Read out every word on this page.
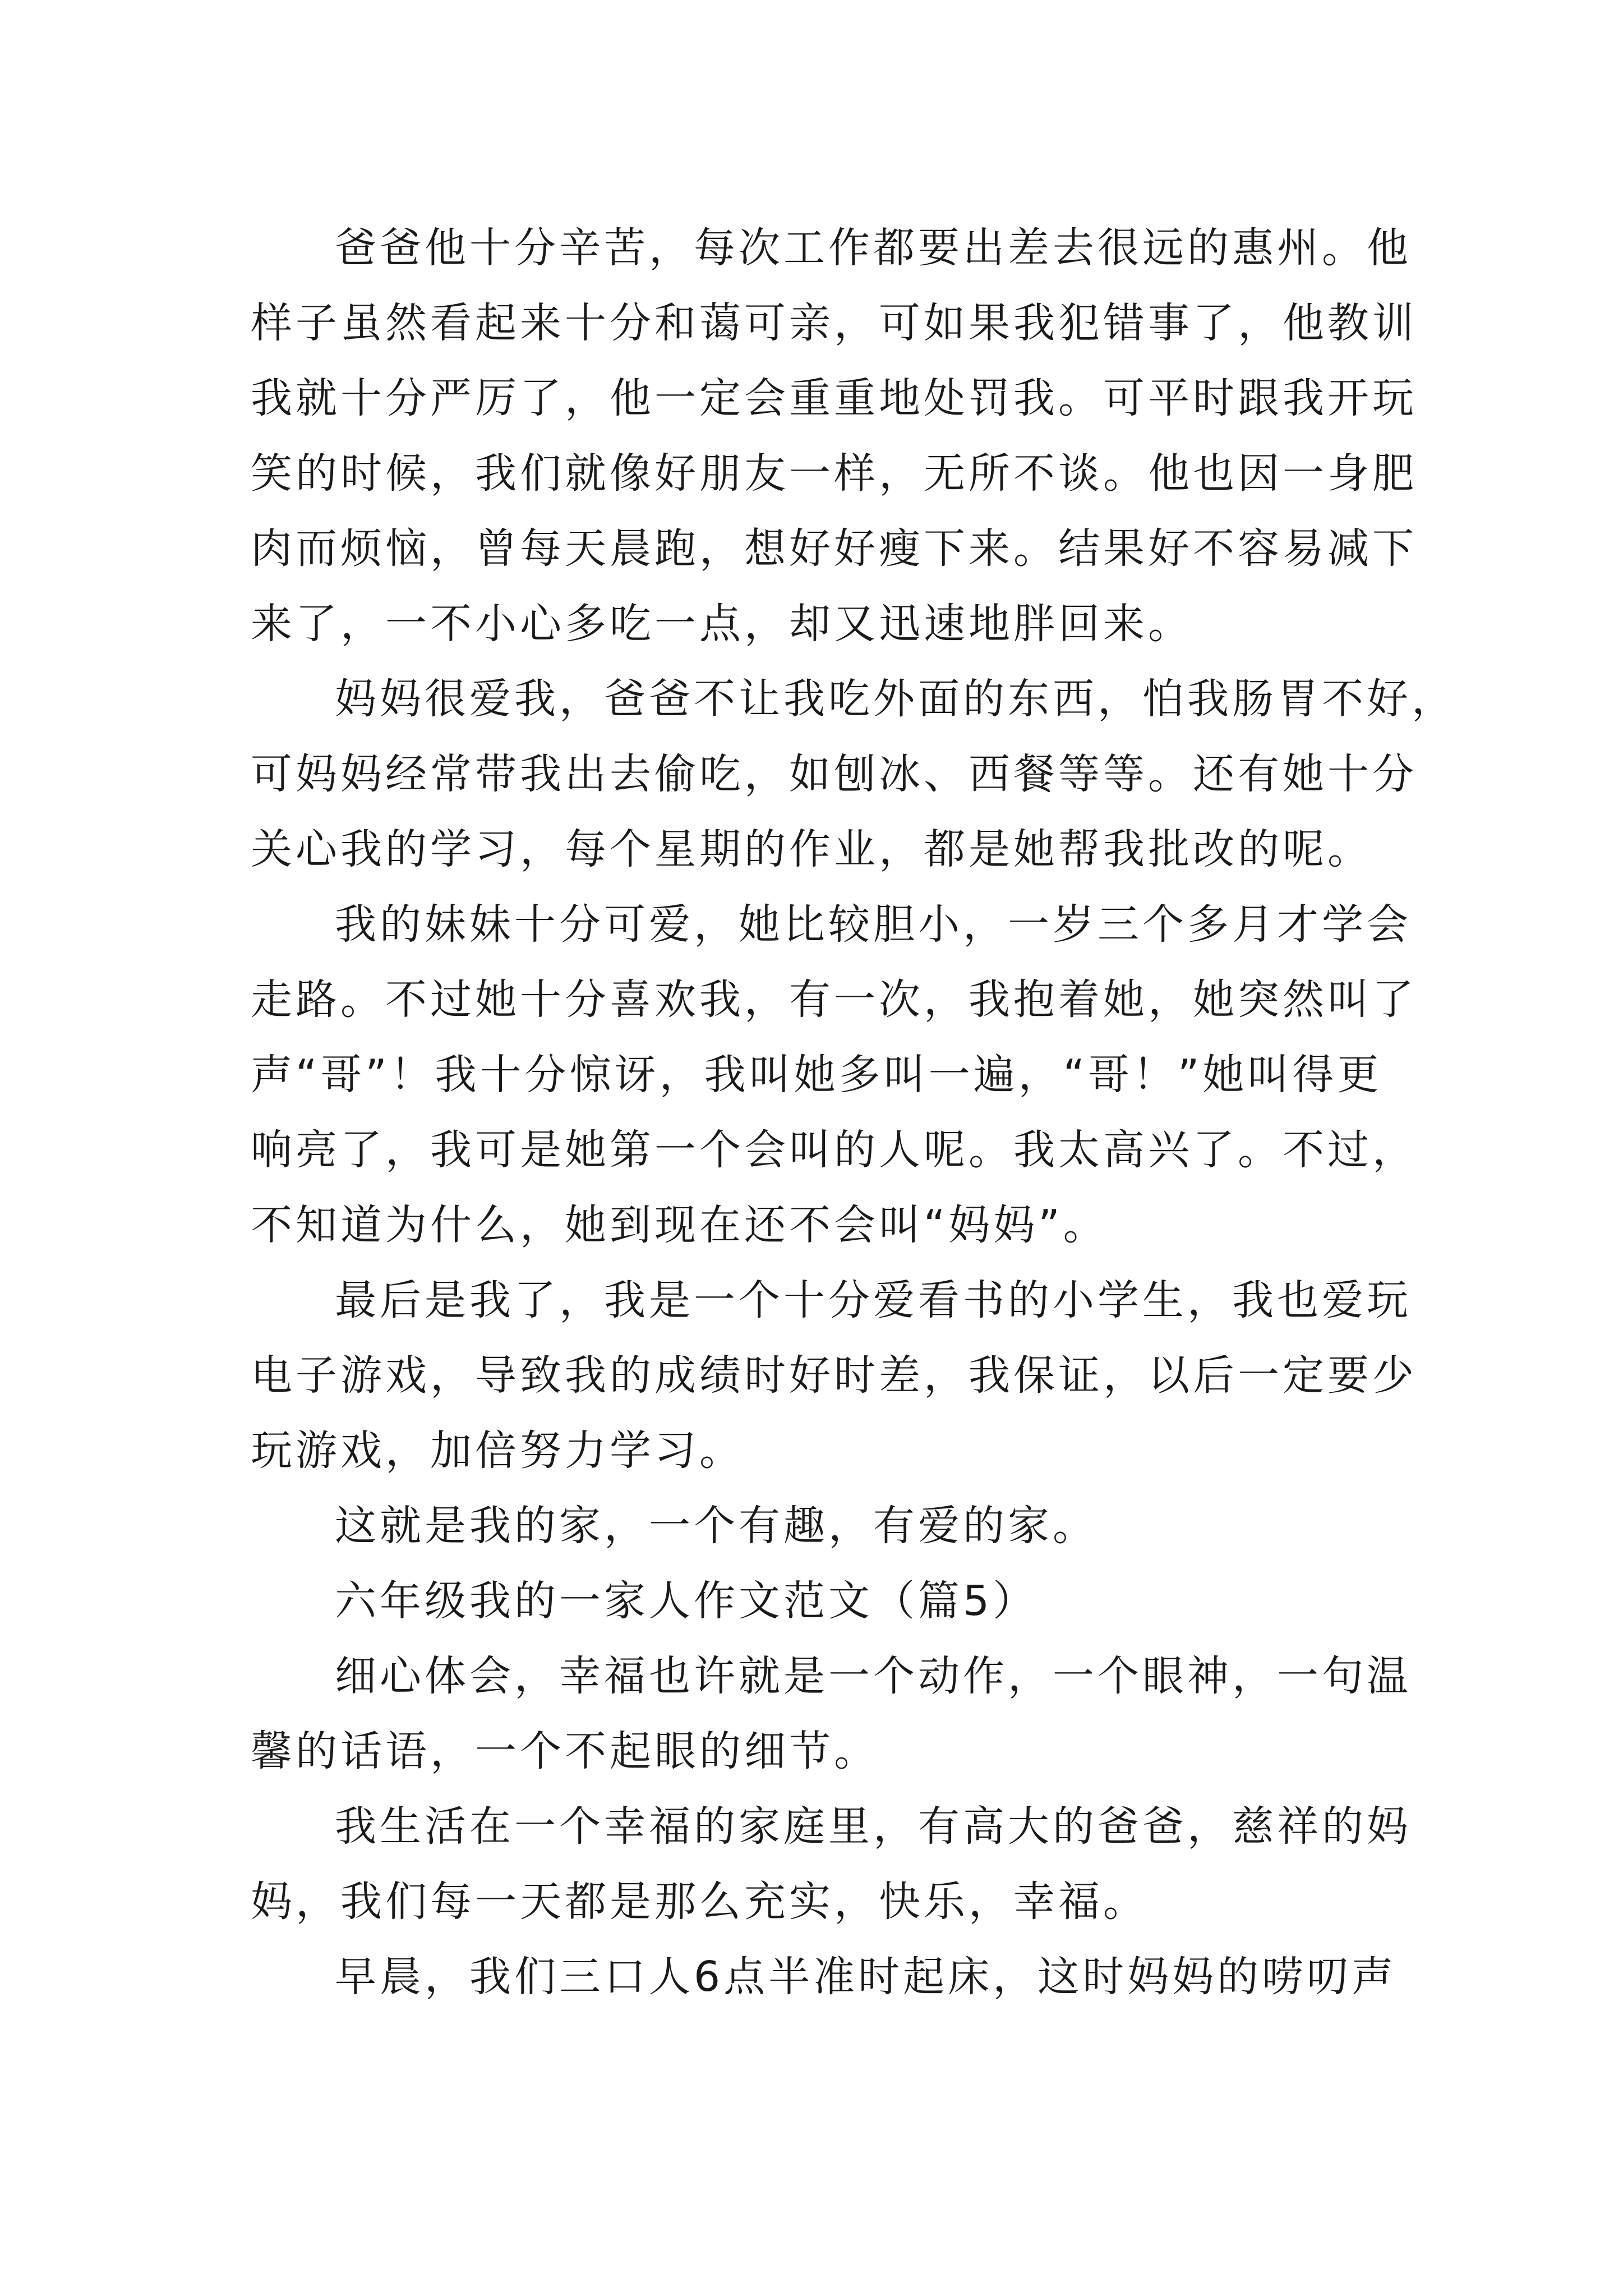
爸爸他十分辛苦，每次工作都要出差去很远的惠州。他
样子虽然看起来十分和蔼可亲，可如果我犯错事了，他教训
我就十分严厉了，他一定会重重地处罚我。可平时跟我开玩
笑的时候，我们就像好朋友一样，无所不谈。他也因一身肥
肉而烦恼，曾每天晨跑，想好好瘦下来。结果好不容易减下
来了，一不小心多吃一点，却又迅速地胖回来。
妈妈很爱我，爸爸不让我吃外面的东西，怕我肠胃不好，
可妈妈经常带我出去偷吃，如刨冰、西餐等等。还有她十分
关心我的学习，每个星期的作业，都是她帮我批改的呢。
我的妹妹十分可爱，她比较胆小，一岁三个多月才学会
走路。不过她十分喜欢我，有一次，我抱着她，她突然叫了
声“哥”！我十分惊讶，我叫她多叫一遍，“哥！”她叫得更
响亮了，我可是她第一个会叫的人呢。我太高兴了。不过，
不知道为什么，她到现在还不会叫“妈妈”。
最后是我了，我是一个十分爱看书的小学生，我也爱玩
电子游戏，导致我的成绩时好时差，我保证，以后一定要少
玩游戏，加倍努力学习。
这就是我的家，一个有趣，有爱的家。
六年级我的一家人作文范文（篇5）
细心体会，幸福也许就是一个动作，一个眼神，一句温
馨的话语，一个不起眼的细节。
我生活在一个幸福的家庭里，有高大的爸爸，慈祥的妈
妈，我们每一天都是那么充实，快乐，幸福。
早晨，我们三口人6点半准时起床，这时妈妈的唠叨声
